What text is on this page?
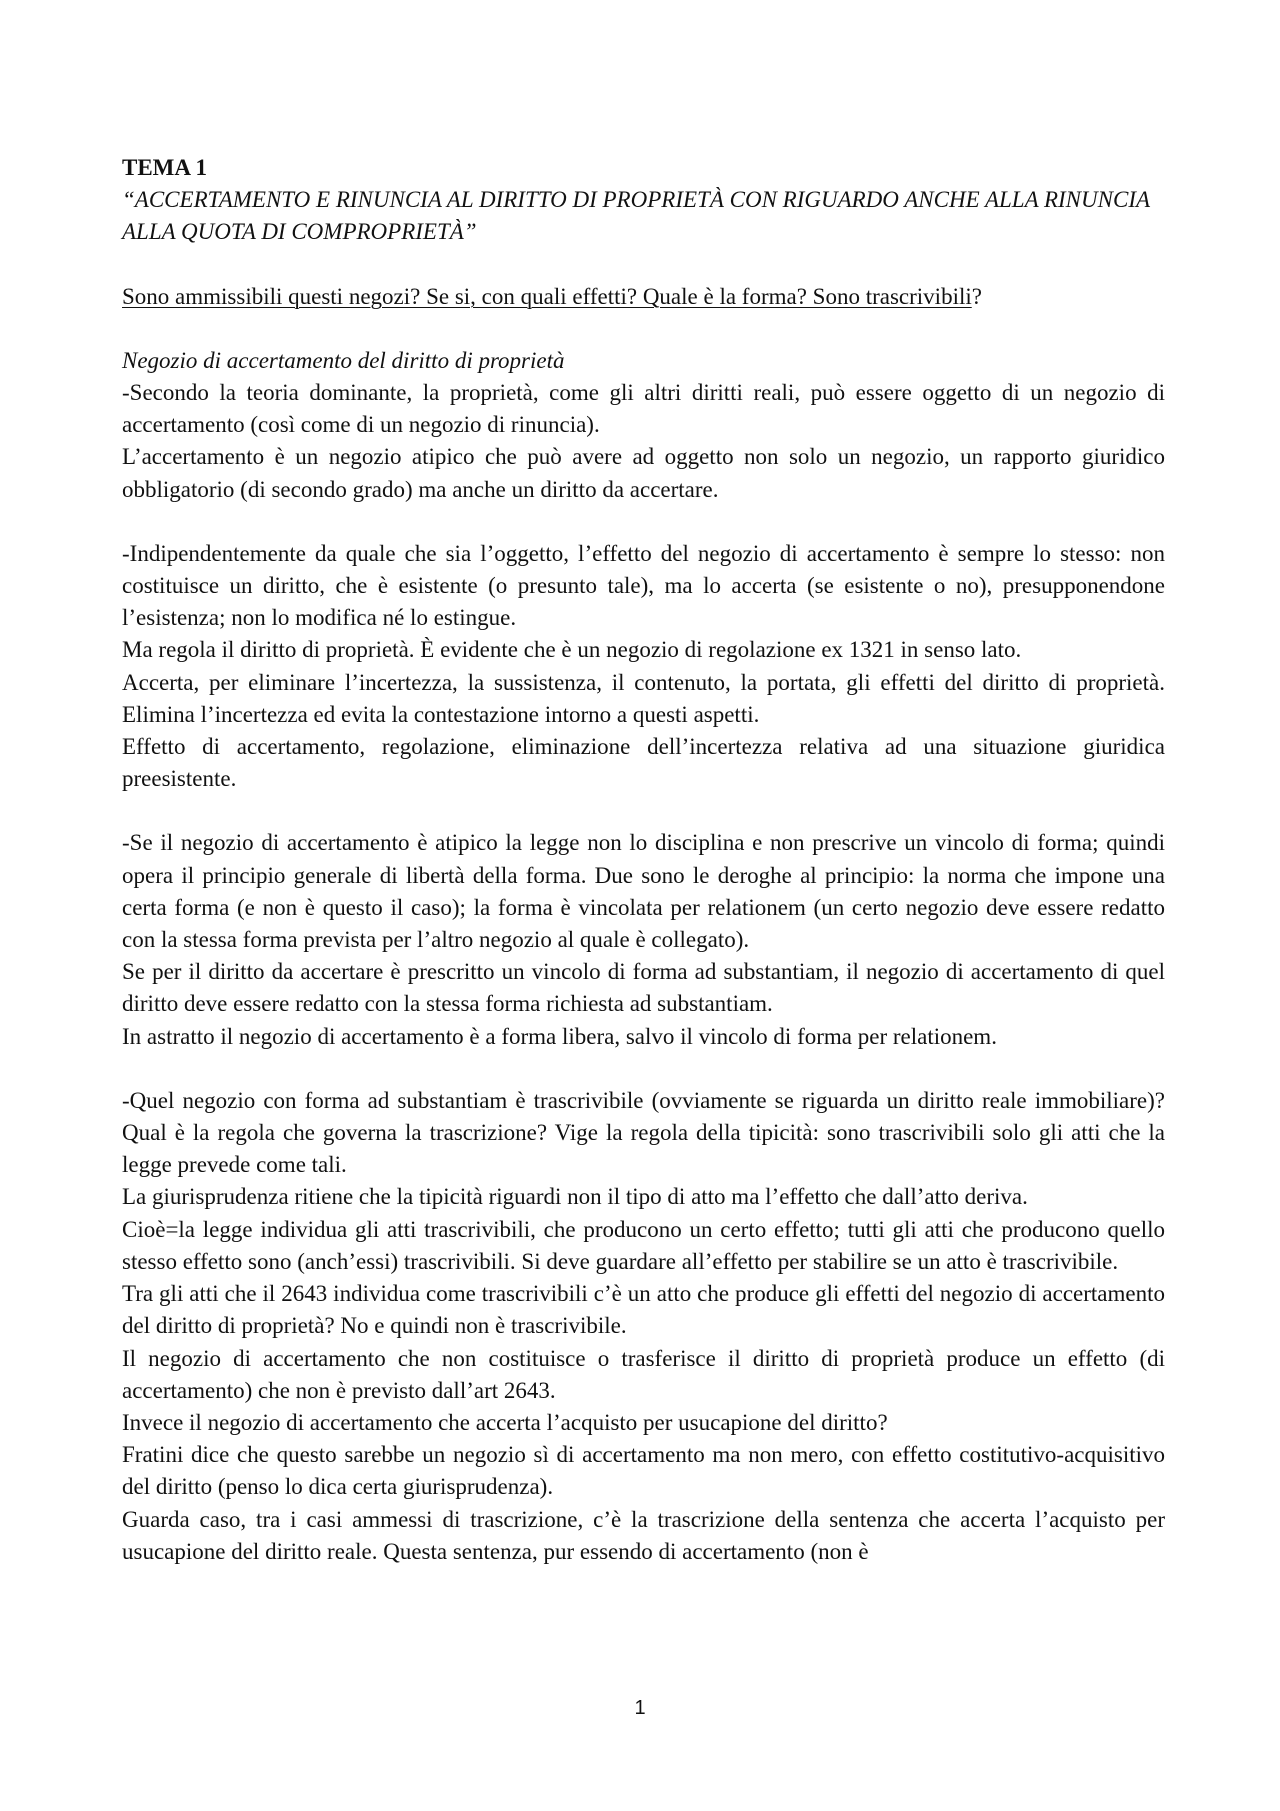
TEMA 1

“ACCERTAMENTO E RINUNCIA AL DIRITTO DI PROPRIETÀ CON RIGUARDO ANCHE ALLA RINUNCIA ALLA QUOTA DI COMPROPRIETÀ”

Sono ammissibili questi negozi? Se si, con quali effetti? Quale è la forma? Sono trascrivibili?

Negozio di accertamento del diritto di proprietà

-Secondo la teoria dominante, la proprietà, come gli altri diritti reali, può essere oggetto di un negozio di accertamento (così come di un negozio di rinuncia).

L’accertamento è un negozio atipico che può avere ad oggetto non solo un negozio, un rapporto giuridico obbligatorio (di secondo grado) ma anche un diritto da accertare.

-Indipendentemente da quale che sia l’oggetto, l’effetto del negozio di accertamento è sempre lo stesso: non costituisce un diritto, che è esistente (o presunto tale), ma lo accerta (se esistente o no), presupponendone l’esistenza; non lo modifica né lo estingue.

Ma regola il diritto di proprietà. È evidente che è un negozio di regolazione ex 1321 in senso lato.

Accerta, per eliminare l’incertezza, la sussistenza, il contenuto, la portata, gli effetti del diritto di proprietà. Elimina l’incertezza ed evita la contestazione intorno a questi aspetti.

Effetto di accertamento, regolazione, eliminazione dell’incertezza relativa ad una situazione giuridica preesistente.

-Se il negozio di accertamento è atipico la legge non lo disciplina e non prescrive un vincolo di forma; quindi opera il principio generale di libertà della forma. Due sono le deroghe al principio: la norma che impone una certa forma (e non è questo il caso); la forma è vincolata per relationem (un certo negozio deve essere redatto con la stessa forma prevista per l’altro negozio al quale è collegato).

Se per il diritto da accertare è prescritto un vincolo di forma ad substantiam, il negozio di accertamento di quel diritto deve essere redatto con la stessa forma richiesta ad substantiam.

In astratto il negozio di accertamento è a forma libera, salvo il vincolo di forma per relationem.

-Quel negozio con forma ad substantiam è trascrivibile (ovviamente se riguarda un diritto reale immobiliare)? Qual è la regola che governa la trascrizione? Vige la regola della tipicità: sono trascrivibili solo gli atti che la legge prevede come tali.

La giurisprudenza ritiene che la tipicità riguardi non il tipo di atto ma l’effetto che dall’atto deriva.

Cioè=la legge individua gli atti trascrivibili, che producono un certo effetto; tutti gli atti che producono quello stesso effetto sono (anch’essi) trascrivibili. Si deve guardare all’effetto per stabilire se un atto è trascrivibile.

Tra gli atti che il 2643 individua come trascrivibili c’è un atto che produce gli effetti del negozio di accertamento del diritto di proprietà? No e quindi non è trascrivibile.

Il negozio di accertamento che non costituisce o trasferisce il diritto di proprietà produce un effetto (di accertamento) che non è previsto dall’art 2643.

Invece il negozio di accertamento che accerta l’acquisto per usucapione del diritto?

Fratini dice che questo sarebbe un negozio sì di accertamento ma non mero, con effetto costitutivo-acquisitivo del diritto (penso lo dica certa giurisprudenza).

Guarda caso, tra i casi ammessi di trascrizione, c’è la trascrizione della sentenza che accerta l’acquisto per usucapione del diritto reale. Questa sentenza, pur essendo di accertamento (non è

1
